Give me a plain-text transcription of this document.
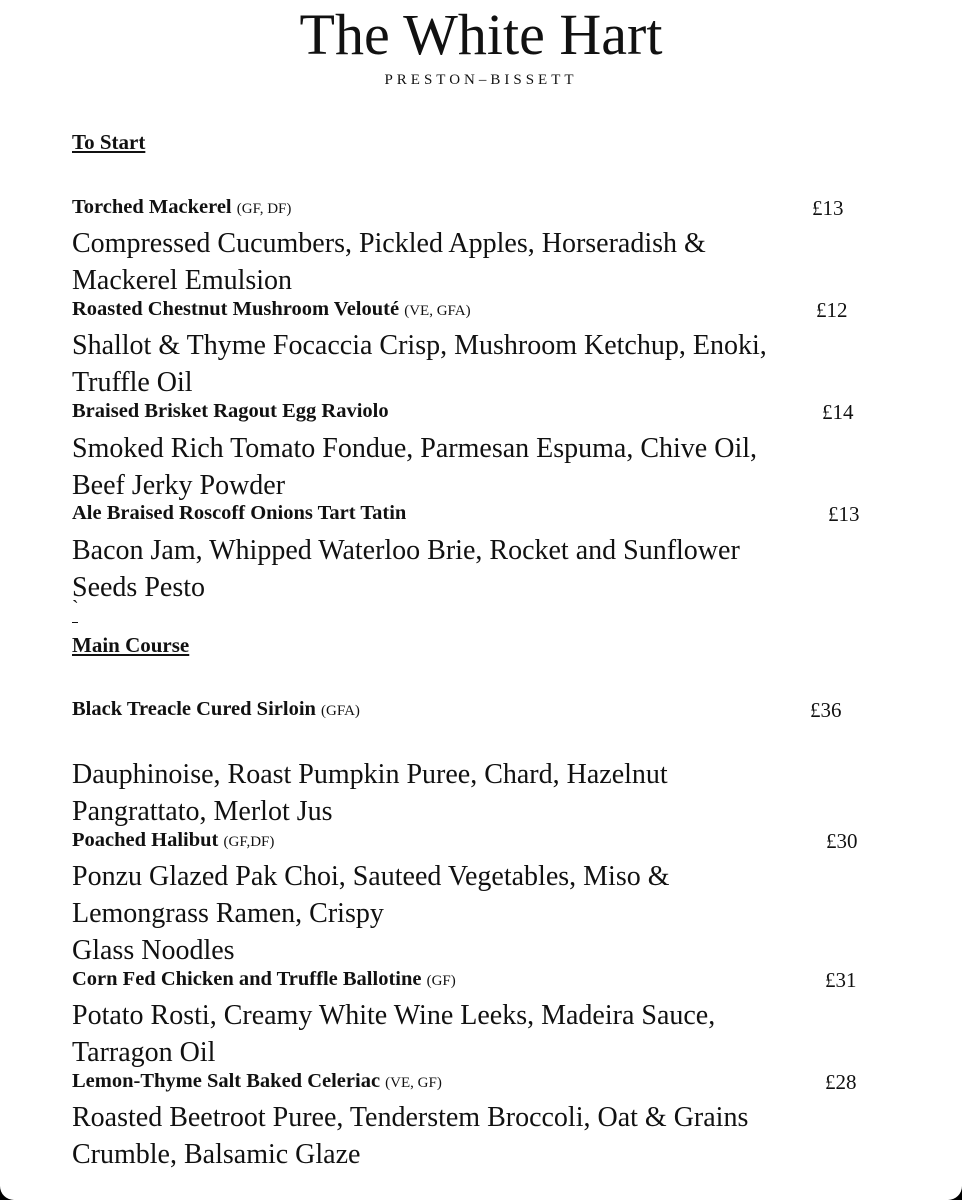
The White Hart
PRESTON–BISSETT
To Start
Torched Mackerel (GF, DF)	£13
Compressed Cucumbers, Pickled Apples, Horseradish &
Mackerel Emulsion
Roasted Chestnut Mushroom Velouté (VE, GFA)	£12
Shallot & Thyme Focaccia Crisp, Mushroom Ketchup, Enoki,
Truffle Oil
Braised Brisket Ragout Egg Raviolo	£14
Smoked Rich Tomato Fondue, Parmesan Espuma, Chive Oil,
Beef Jerky Powder
Ale Braised Roscoff Onions Tart Tatin	£13
Bacon Jam, Whipped Waterloo Brie, Rocket and Sunflower
Seeds Pesto
`
Main Course
Black Treacle Cured Sirloin (GFA)	£36
Dauphinoise, Roast Pumpkin Puree, Chard, Hazelnut
Pangrattato, Merlot Jus
Poached Halibut (GF,DF)	£30
Ponzu Glazed Pak Choi, Sauteed Vegetables, Miso &
Lemongrass Ramen, Crispy
Glass Noodles
Corn Fed Chicken and Truffle Ballotine (GF)	£31
Potato Rosti, Creamy White Wine Leeks, Madeira Sauce,
Tarragon Oil
Lemon-Thyme Salt Baked Celeriac (VE, GF)	£28
Roasted Beetroot Puree, Tenderstem Broccoli, Oat & Grains
Crumble, Balsamic Glaze
